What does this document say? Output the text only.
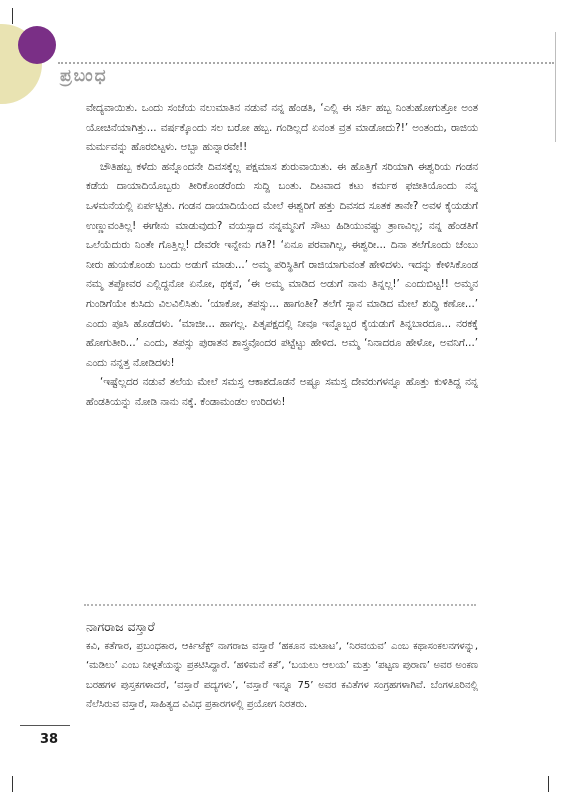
ಪ್ರಬಂಧ

ವೇದ್ಯವಾಯಿತು. ಒಂದು ಸಂಜೆಯ ನಲುಮಾತಿನ ನಡುವೆ ನನ್ನ ಹೆಂಡತಿ, ‘ಎಲ್ಲಿ ಈ ಸರ್ತಿ ಹಬ್ಬ ನಿಂತುಹೋಗುತ್ತೋ ಅಂತ ಯೋಚಿನೆಯಾಗಿತ್ತು... ವರ್ಷಕ್ಕೊಂದು ಸಲ ಬರೋ ಹಬ್ಬ. ಗಂಡಿಲ್ಲದೆ ಏನಂತ ವ್ರತ ಮಾಡೋದು?!’ ಅಂತಂದು, ರಾಜಿಯ ಮರ್ಮವನ್ನು ಹೊರಬಿಟ್ಟಳು. ಅಬ್ಬಾ ಹುನ್ನಾರವೇ!!

ಚೌತಿಹಬ್ಬ ಕಳೆದು ಹನ್ನೊಂದನೇ ದಿವಸಕ್ಕೆಲ್ಲ ಪಕ್ಷಮಾಸ ಶುರುವಾಯಿತು. ಈ ಹೊತ್ತಿಗೆ ಸರಿಯಾಗಿ ಈಶ್ವರಿಯ ಗಂಡನ ಕಡೆಯ ದಾಯಾದಿಯೊಬ್ಬರು ತೀರಿಕೊಂಡರೆಂದು ಸುದ್ದಿ ಬಂತು. ದಿಟವಾದ ಕಟು ಕರ್ಮಠ ಫಜೀತಿಯೊಂದು ನನ್ನ ಒಳಮನೆಯಲ್ಲಿ ಏರ್ಪಟ್ಟಿತು. ಗಂಡನ ದಾಯಾದಿಯೆಂದ ಮೇಲೆ ಈಶ್ವರಿಗೆ ಹತ್ತು ದಿವಸದ ಸೂತಕ ತಾನೇ? ಅವಳ ಕೈಯಡುಗೆ ಉಣ್ಣುವಂತಿಲ್ಲ! ಈಗೇನು ಮಾಡುವುದು? ವಯಸ್ಸಾದ ನನ್ನಮ್ಮನಿಗೆ ಸೌಟು ಹಿಡಿಯುವಷ್ಟು ತ್ರಾಣವಿಲ್ಲ; ನನ್ನ ಹೆಂಡತಿಗೆ ಒಲೆಯೆದುರು ನಿಂತೇ ಗೊತ್ತಿಲ್ಲ! ದೇವರೇ ಇನ್ನೇನು ಗತಿ?! ‘ಏನೂ ಪರವಾಗಿಲ್ಲ, ಈಶ್ವರೀ... ದಿನಾ ತಲೆಗೊಂದು ಚೆಂಬು ನೀರು ಹುಯಕೊಂಡು ಬಂದು ಅಡುಗೆ ಮಾಡು...’ ಅಮ್ಮ ಪರಿಸ್ಥಿತಿಗೆ ರಾಜಿಯಾಗುವಂತೆ ಹೇಳಿದಳು. ಇದನ್ನು ಕೇಳಿಸಿಕೊಂಡ ನಮ್ಮ ತಪ್ಪೋವರ ಎಲ್ಲಿದ್ದನೋ ಏನೋ, ಥಕ್ಕನೆ, ‘ಈ ಅಮ್ಮ ಮಾಡಿದ ಅಡುಗೆ ನಾನು ತಿನ್ನಲ್ಲ!’ ಎಂದುಬಿಟ್ಟ!! ಅಮ್ಮನ ಗುಂಡಿಗೆಯೇ ಕುಸಿದು ವಿಲವಿಲಿಸಿತು. ‘ಯಾಕೋ, ತಪಸ್ಸು... ಹಾಗಂತೀ? ತಲೆಗೆ ಸ್ನಾನ ಮಾಡಿದ ಮೇಲೆ ಶುದ್ಧಿ ಕಣೋ...’ ಎಂದು ಪೂಸಿ ಹೊಡೆದಳು. ‘ಮಾಜೀ... ಹಾಗಲ್ಲ. ಪಿತೃಪಕ್ಷದಲ್ಲಿ ನೀವೂ ಇನ್ನೊಬ್ಬರ ಕೈಯಡುಗೆ ತಿನ್ನಬಾರದೂ... ನರಕಕ್ಕೆ ಹೋಗುತೀರಿ...’ ಎಂದು, ತಪಸ್ಸು ಪುರಾತನ ಶಾಸ್ತ್ರವೊಂದರ ಪಟ್ಟೆಟ್ಟು ಹೇಳಿದ. ಅಮ್ಮ ‘ನಿನಾದರೂ ಹೇಳೋ, ಅವನಿಗೆ...’ ಎಂದು ನನ್ನತ್ತ ನೋಡಿದಳು!

‘ಇಷ್ಟೆಲ್ಲದರ ನಡುವೆ ತಲೆಯ ಮೇಲೆ ಸಮಸ್ತ ಆಕಾಶದೊಡನೆ ಅಷ್ಟೂ ಸಮಸ್ತ ದೇವರುಗಳನ್ನೂ ಹೊತ್ತು ಕುಳಿತಿದ್ದ ನನ್ನ ಹೆಂಡತಿಯನ್ನು ನೋಡಿ ನಾನು ನಕ್ಕೆ. ಕೆಂಡಾಮಂಡಲ ಉರಿದಳು!

ನಾಗರಾಜ ವಸ್ತಾರೆ

ಕವಿ, ಕತೆಗಾರ, ಪ್ರಬಂಧಕಾರ, ಆರ್ಕಿಟೆಕ್ಟ್ ನಾಗರಾಜ ವಸ್ತಾರೆ ‘ಹಕೂನ ಮಟಾಟ’, ‘ನಿರವಯವ’ ಎಂಬ ಕಥಾಸಂಕಲನಗಳನ್ನು, ‘ಮಡಿಲು’ ಎಂಬ ನೀಳ್ಗತೆಯನ್ನು ಪ್ರಕಟಿಸಿದ್ದಾರೆ. ‘ಹಳಿಮನೆ ಕತೆ’, ‘ಬಯಲು ಆಲಯ’ ಮತ್ತು ‘ಪಟ್ಟಣ ಪುರಾಣ’ ಅವರ ಅಂಕಣ ಬರಹಗಳ ಪುಸ್ತಕಗಳಾದರೆ, ‘ವಸ್ತಾರೆ ಪದ್ಯಗಳು’, ‘ವಸ್ತಾರೆ ಇನ್ನೂ 75’ ಅವರ ಕವಿತೆಗಳ ಸಂಗ್ರಹಗಳಾಗಿವೆ. ಬೆಂಗಳೂರಿನಲ್ಲಿ ನೆಲೆಸಿರುವ ವಸ್ತಾರೆ, ಸಾಹಿತ್ಯದ ವಿವಿಧ ಪ್ರಕಾರಗಳಲ್ಲಿ ಪ್ರಯೋಗ ನಿರತರು.

38
